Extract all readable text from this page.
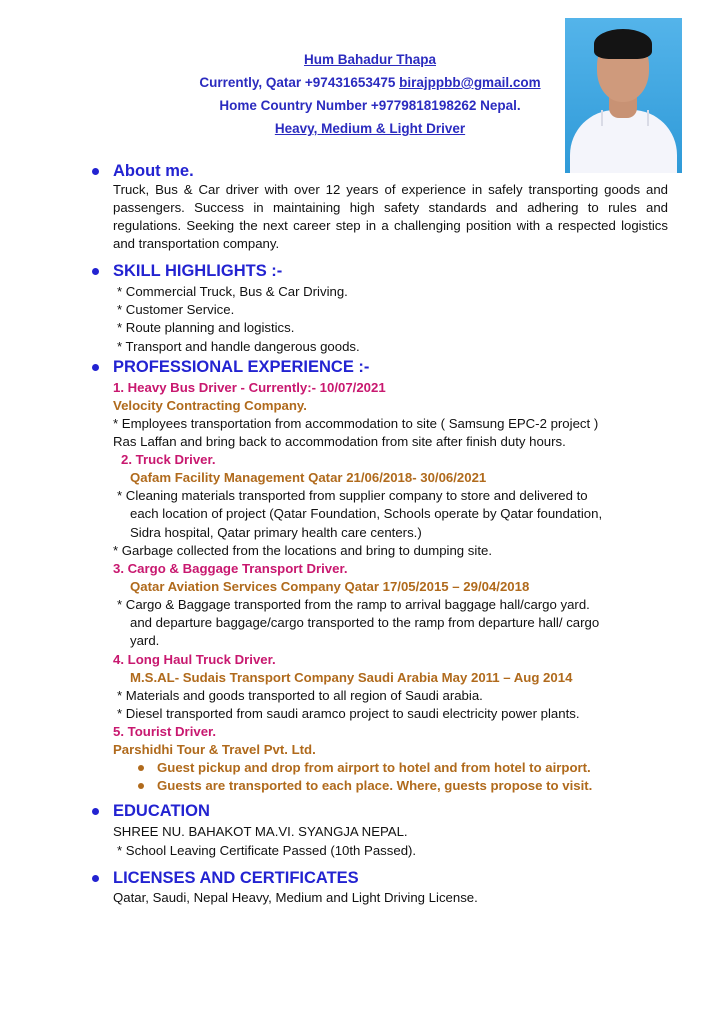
Hum Bahadur Thapa
Currently, Qatar +97431653475 birajppbb@gmail.com
Home Country Number +9779818198262 Nepal.
Heavy, Medium & Light Driver
About me.
Truck, Bus & Car driver with over 12 years of experience in safely transporting goods and passengers. Success in maintaining high safety standards and adhering to rules and regulations. Seeking the next career step in a challenging position with a respected logistics and transportation company.
SKILL HIGHLIGHTS :-
* Commercial Truck, Bus & Car Driving.
* Customer Service.
* Route planning and logistics.
* Transport and handle dangerous goods.
PROFESSIONAL EXPERIENCE :-
1. Heavy Bus Driver - Currently:- 10/07/2021
Velocity Contracting Company.
* Employees transportation from accommodation to site ( Samsung EPC-2 project )
Ras Laffan and bring back to accommodation from site after finish duty hours.
2. Truck Driver.
Qafam Facility Management Qatar 21/06/2018- 30/06/2021
* Cleaning materials transported from supplier company to store and delivered to
each location of project (Qatar Foundation, Schools operate by Qatar foundation,
Sidra hospital, Qatar primary health care centers.)
* Garbage collected from the locations and bring to dumping site.
3. Cargo & Baggage Transport Driver.
Qatar Aviation Services Company Qatar 17/05/2015 – 29/04/2018
* Cargo & Baggage transported from the ramp to arrival baggage hall/cargo yard.
and departure baggage/cargo transported to the ramp from departure hall/ cargo
yard.
4. Long Haul Truck Driver.
M.S.AL- Sudais Transport Company Saudi Arabia May 2011 – Aug 2014
* Materials and goods transported to all region of Saudi arabia.
* Diesel transported from saudi aramco project to saudi electricity power plants.
5. Tourist Driver.
Parshidhi Tour & Travel Pvt. Ltd.
Guest pickup and drop from airport to hotel and from hotel to airport.
Guests are transported to each place. Where, guests propose to visit.
EDUCATION
SHREE NU. BAHAKOT MA.VI. SYANGJA NEPAL.
* School Leaving Certificate Passed (10th Passed).
LICENSES AND CERTIFICATES
Qatar, Saudi, Nepal Heavy, Medium and Light Driving License.
